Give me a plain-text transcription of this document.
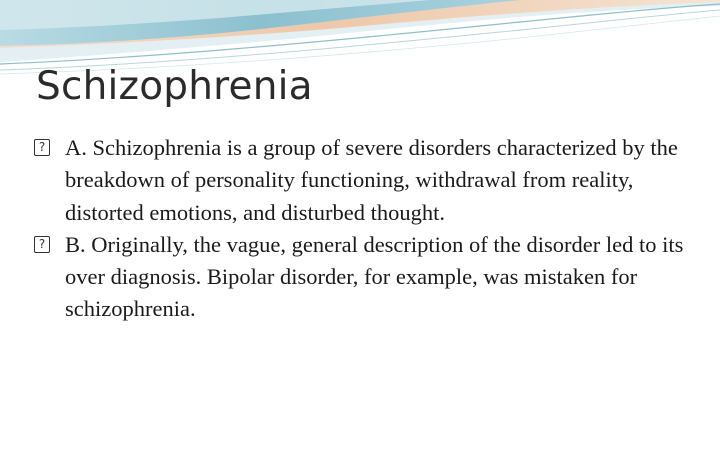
Schizophrenia
? A. Schizophrenia is a group of severe disorders characterized by the breakdown of personality functioning, withdrawal from reality, distorted emotions, and disturbed thought.
? B. Originally, the vague, general description of the disorder led to its over diagnosis. Bipolar disorder, for example, was mistaken for schizophrenia.
